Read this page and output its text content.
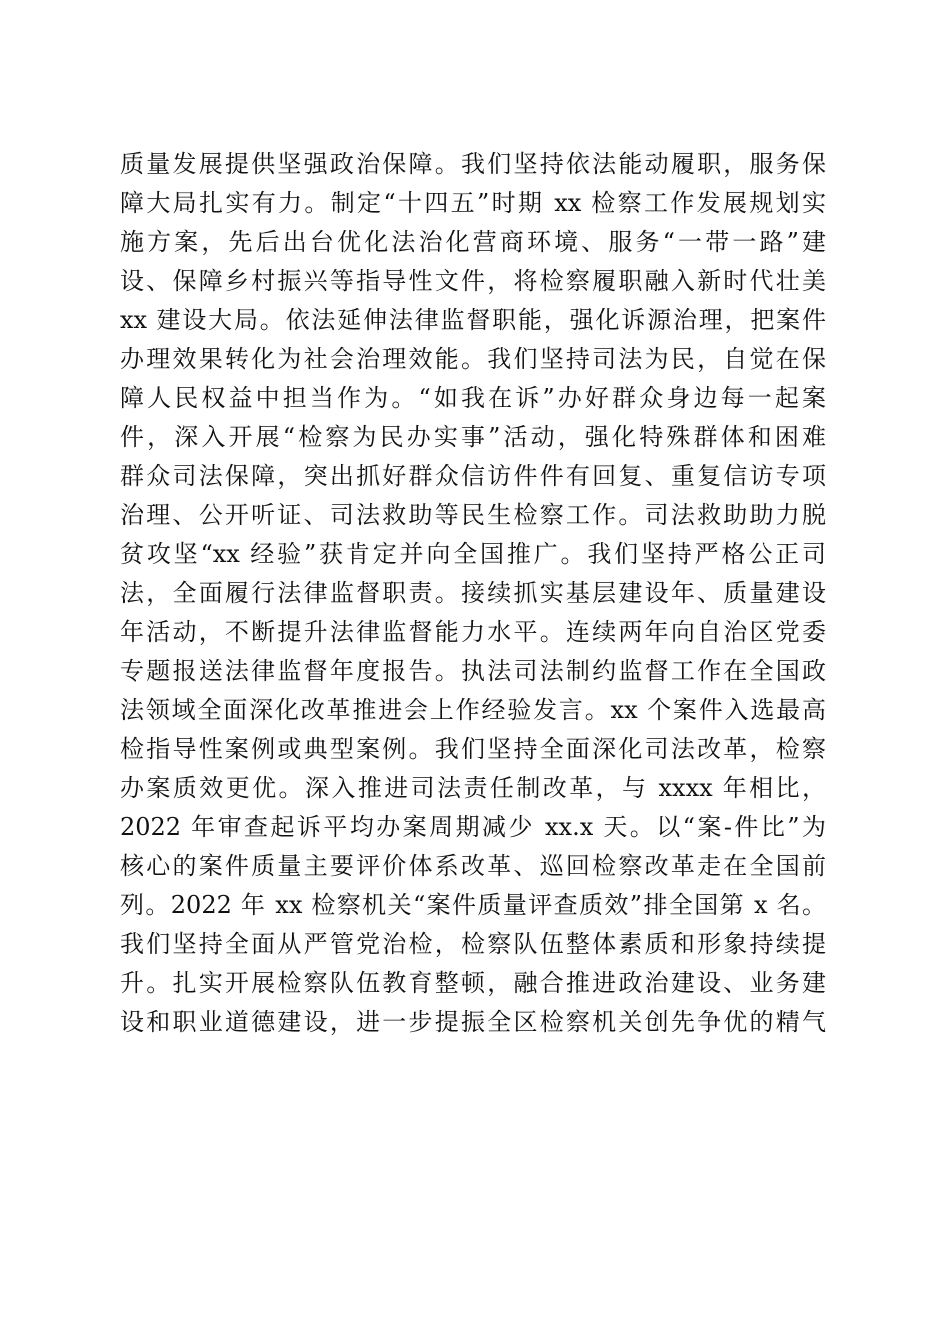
质量发展提供坚强政治保障。我们坚持依法能动履职，服务保
障大局扎实有力。制定“十四五”时期 xx 检察工作发展规划实
施方案，先后出台优化法治化营商环境、服务“一带一路”建
设、保障乡村振兴等指导性文件，将检察履职融入新时代壮美
xx 建设大局。依法延伸法律监督职能，强化诉源治理，把案件
办理效果转化为社会治理效能。我们坚持司法为民，自觉在保
障人民权益中担当作为。“如我在诉”办好群众身边每一起案
件，深入开展“检察为民办实事”活动，强化特殊群体和困难
群众司法保障，突出抓好群众信访件件有回复、重复信访专项
治理、公开听证、司法救助等民生检察工作。司法救助助力脱
贫攻坚“xx 经验”获肯定并向全国推广。我们坚持严格公正司
法，全面履行法律监督职责。接续抓实基层建设年、质量建设
年活动，不断提升法律监督能力水平。连续两年向自治区党委
专题报送法律监督年度报告。执法司法制约监督工作在全国政
法领域全面深化改革推进会上作经验发言。xx 个案件入选最高
检指导性案例或典型案例。我们坚持全面深化司法改革，检察
办案质效更优。深入推进司法责任制改革，与 xxxx 年相比，
2022 年审查起诉平均办案周期减少 xx.x 天。以“案-件比”为
核心的案件质量主要评价体系改革、巡回检察改革走在全国前
列。2022 年 xx 检察机关“案件质量评查质效”排全国第 x 名。
我们坚持全面从严管党治检，检察队伍整体素质和形象持续提
升。扎实开展检察队伍教育整顿，融合推进政治建设、业务建
设和职业道德建设，进一步提振全区检察机关创先争优的精气
